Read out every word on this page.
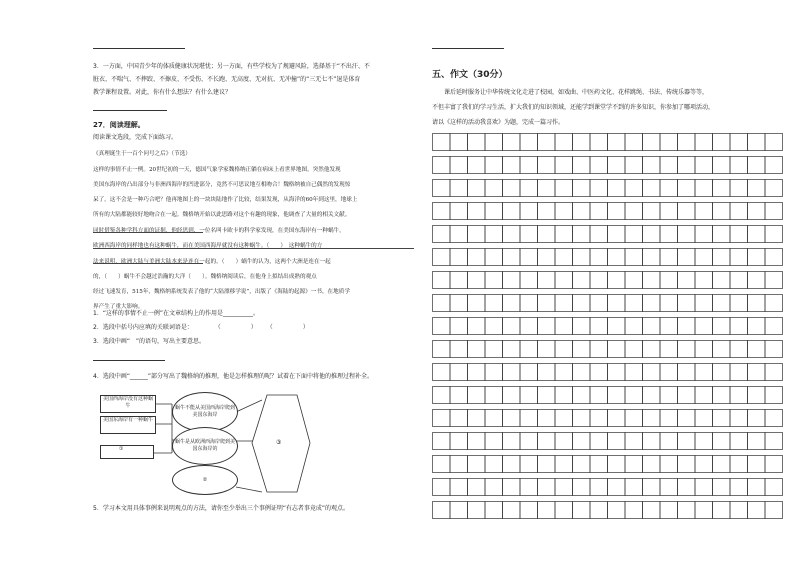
3．一方面，中国青少年的体质健康状况堪忧；另一方面，有些学校为了规避风险，选择基于“不出汗、不
脏衣、不喘气、不摔跤、不擦皮、不受伤、不长跑、无高度、无对抗、无冲撞”的“三无七不”退是体育
教学课程设置。对此，你有什么想法？有什么建议？
27．阅读理解。
阅读课文选段，完成下面练习。
《真理诞生于一百个问号之后》（节选）
这样的事情不止一例。20世纪初的一天，德国气象学家魏格纳正躺在病床上看世界地图。突然他发现
美国东海岸的凸出部分与非洲西海岸的凹进部分，竟然不可思议地互相吻合！魏格纳被自己偶然的发现惊
呆了。这不会是一种巧合吧？他再地图上的一块块陆地作了比较，结果发现，从海洋的60年到这里，地球上
所有的大陆都能较好地吻合在一起。魏格纳开始以此思路对这个有趣的现象，他调查了大量的相关文献。
同时借鉴各种学科方面的证据，他经思到，一位名叫卡欧卡的科学家发现，在美国东海岸有一种蜗牛，
欧洲西海岸的同样地也有这种蜗牛，而在美国西海岸就没有这种蜗牛。（　　）　这种蜗牛的方
法来说明，欧洲大陆与美洲大陆本来是连在一起的。（　　）蜗牛的认为，这两个大洲是连在一起
的，（　　）蜗牛不会越过浩瀚的大洋（　　）。魏格纳阅读后，在他身上拟结出成熟的观点
经过飞速发育，515年，魏格纳系统发表了他的“大陆漂移学说”，出版了《海陆的起源》一书，在地质学
界产生了重大影响。
1．“这样的事情不止一例”在文章结构上的作用是__________。
2．选段中括号内应填的关联词语是：	（　　　　　） （　　　　　）
3．选段中画“　”的语句，写出主要意思。
4．选段中画“______”部分写出了魏格纳的推理，他是怎样推理的呢？试着在下面中将他的推理过程补全。
美国西海岸没有这种蜗牛
美国东海岸有一种蜗牛
①
蜗牛不能从美国西海岸爬到美国东海岸
蜗牛是从欧洲西海岸爬到美国东海岸的
②
③
5．学习本文用具体事例来说明观点的方法，请你至少举出三个事例证明“有志者事竟成”的观点。
五、作文（30分）
课后延时服务让中华传统文化走进了校园，如戏曲、中医药文化、花样跳绳、书法、传统乐器等等，
不但丰富了我们的学习生活，扩大我们的知识领域，还能学到课堂学不到的许多知识，你参加了哪项活动，
请以《这样的活动我喜欢》为题，完成一篇习作。
